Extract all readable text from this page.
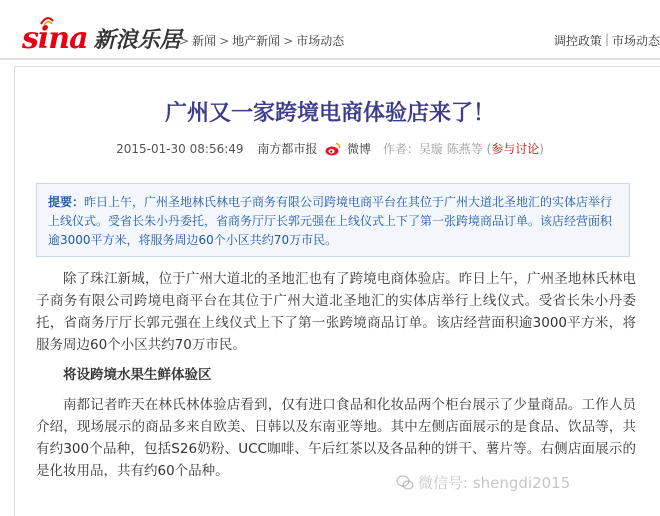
sina 新浪乐居
> 新闻 > 地产新闻 > 市场动态	调控政策 | 市场动态
广州又一家跨境电商体验店来了！
2015-01-30 08:56:49 南方都市报 微博 作者：吴璇 陈燕等 (参与讨论)
提要：昨日上午，广州圣地林氏林电子商务有限公司跨境电商平台在其位于广州大道北圣地汇的实体店举行上线仪式。受省长朱小丹委托，省商务厅厅长郭元强在上线仪式上下了第一张跨境商品订单。该店经营面积逾3000平方米，将服务周边60个小区共约70万市民。

除了珠江新城，位于广州大道北的圣地汇也有了跨境电商体验店。昨日上午，广州圣地林氏林电子商务有限公司跨境电商平台在其位于广州大道北圣地汇的实体店举行上线仪式。受省长朱小丹委托，省商务厅厅长郭元强在上线仪式上下了第一张跨境商品订单。该店经营面积逾3000平方米，将服务周边60个小区共约70万市民。

将设跨境水果生鲜体验区

南都记者昨天在林氏林体验店看到，仅有进口食品和化妆品两个柜台展示了少量商品。工作人员介绍，现场展示的商品多来自欧美、日韩以及东南亚等地。其中左侧店面展示的是食品、饮品等，共有约300个品种，包括S26奶粉、UCC咖啡、午后红茶以及各品种的饼干、薯片等。右侧店面展示的是化妆用品，共有约60个品种。

微信号: shengdi2015
